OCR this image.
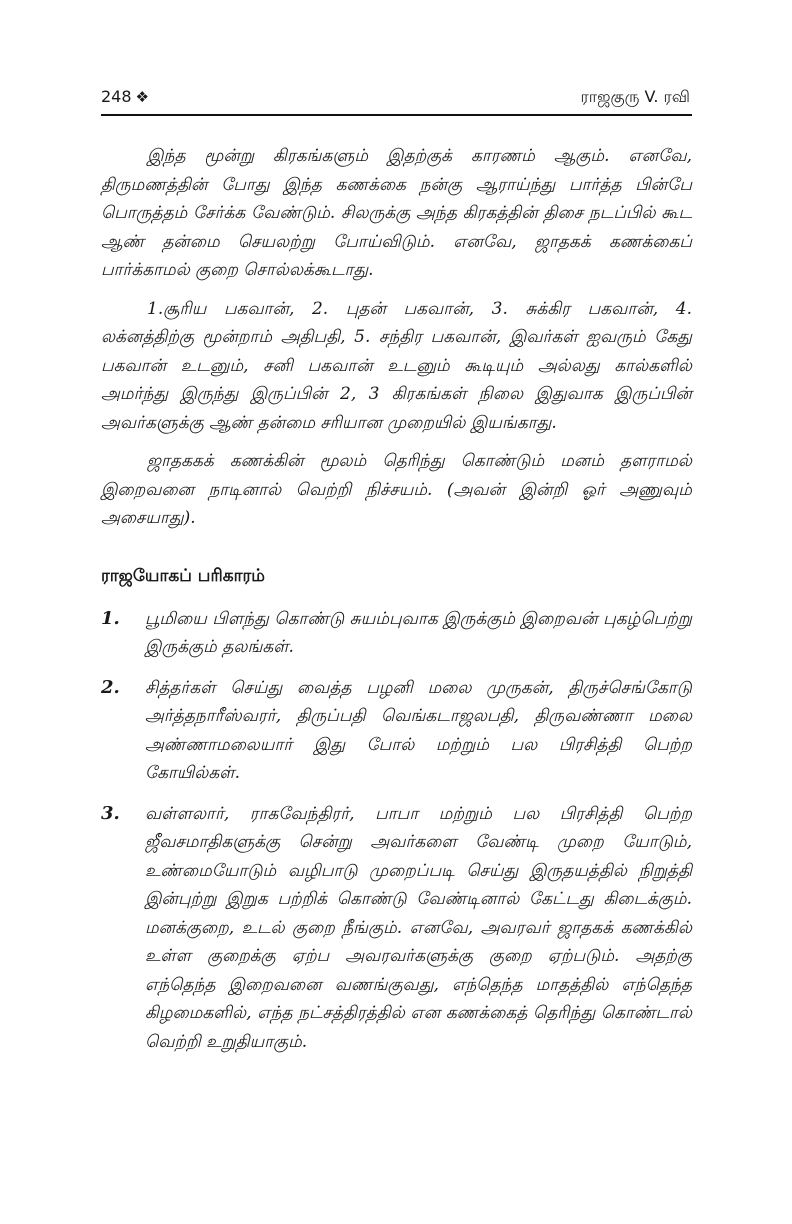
248 ❖	ராஜகுரு V. ரவி

இந்த மூன்று கிரகங்களும் இதற்குக் காரணம் ஆகும். எனவே, திருமணத்தின் போது இந்த கணக்கை நன்கு ஆராய்ந்து பார்த்த பின்பே பொருத்தம் சேர்க்க வேண்டும். சிலருக்கு அந்த கிரகத்தின் திசை நடப்பில் கூட ஆண் தன்மை செயலற்று போய்விடும். எனவே, ஜாதகக் கணக்கைப் பார்க்காமல் குறை சொல்லக்கூடாது.

1.சூரிய பகவான், 2. புதன் பகவான், 3. சுக்கிர பகவான், 4. லக்னத்திற்கு மூன்றாம் அதிபதி, 5. சந்திர பகவான், இவர்கள் ஐவரும் கேது பகவான் உடனும், சனி பகவான் உடனும் கூடியும் அல்லது கால்களில் அமர்ந்து இருந்து இருப்பின் 2, 3 கிரகங்கள் நிலை இதுவாக இருப்பின் அவர்களுக்கு ஆண் தன்மை சரியான முறையில் இயங்காது.

ஜாதககக் கணக்கின் மூலம் தெரிந்து கொண்டும் மனம் தளராமல் இறைவனை நாடினால் வெற்றி நிச்சயம். (அவன் இன்றி ஓர் அணுவும் அசையாது).

ராஜயோகப் பரிகாரம்
1.	பூமியை பிளந்து கொண்டு சுயம்புவாக இருக்கும் இறைவன் புகழ்பெற்று இருக்கும் தலங்கள்.
2.	சித்தர்கள் செய்து வைத்த பழனி மலை முருகன், திருச்செங்கோடு அர்த்தநாரீஸ்வரர், திருப்பதி வெங்கடாஜலபதி, திருவண்ணா மலை அண்ணாமலையார் இது போல் மற்றும் பல பிரசித்தி பெற்ற கோயில்கள்.
3.	வள்ளலார், ராகவேந்திரர், பாபா மற்றும் பல பிரசித்தி பெற்ற ஜீவசமாதிகளுக்கு சென்று அவர்களை வேண்டி முறை யோடும், உண்மையோடும் வழிபாடு முறைப்படி செய்து இருதயத்தில் நிறுத்தி இன்புற்று இறுக பற்றிக் கொண்டு வேண்டினால் கேட்டது கிடைக்கும். மனக்குறை, உடல் குறை நீங்கும். எனவே, அவரவர் ஜாதகக் கணக்கில் உள்ள குறைக்கு ஏற்ப அவரவர்களுக்கு குறை ஏற்படும். அதற்கு எந்தெந்த இறைவனை வணங்குவது, எந்தெந்த மாதத்தில் எந்தெந்த கிழமைகளில், எந்த நட்சத்திரத்தில் என கணக்கைத் தெரிந்து கொண்டால் வெற்றி உறுதியாகும்.
